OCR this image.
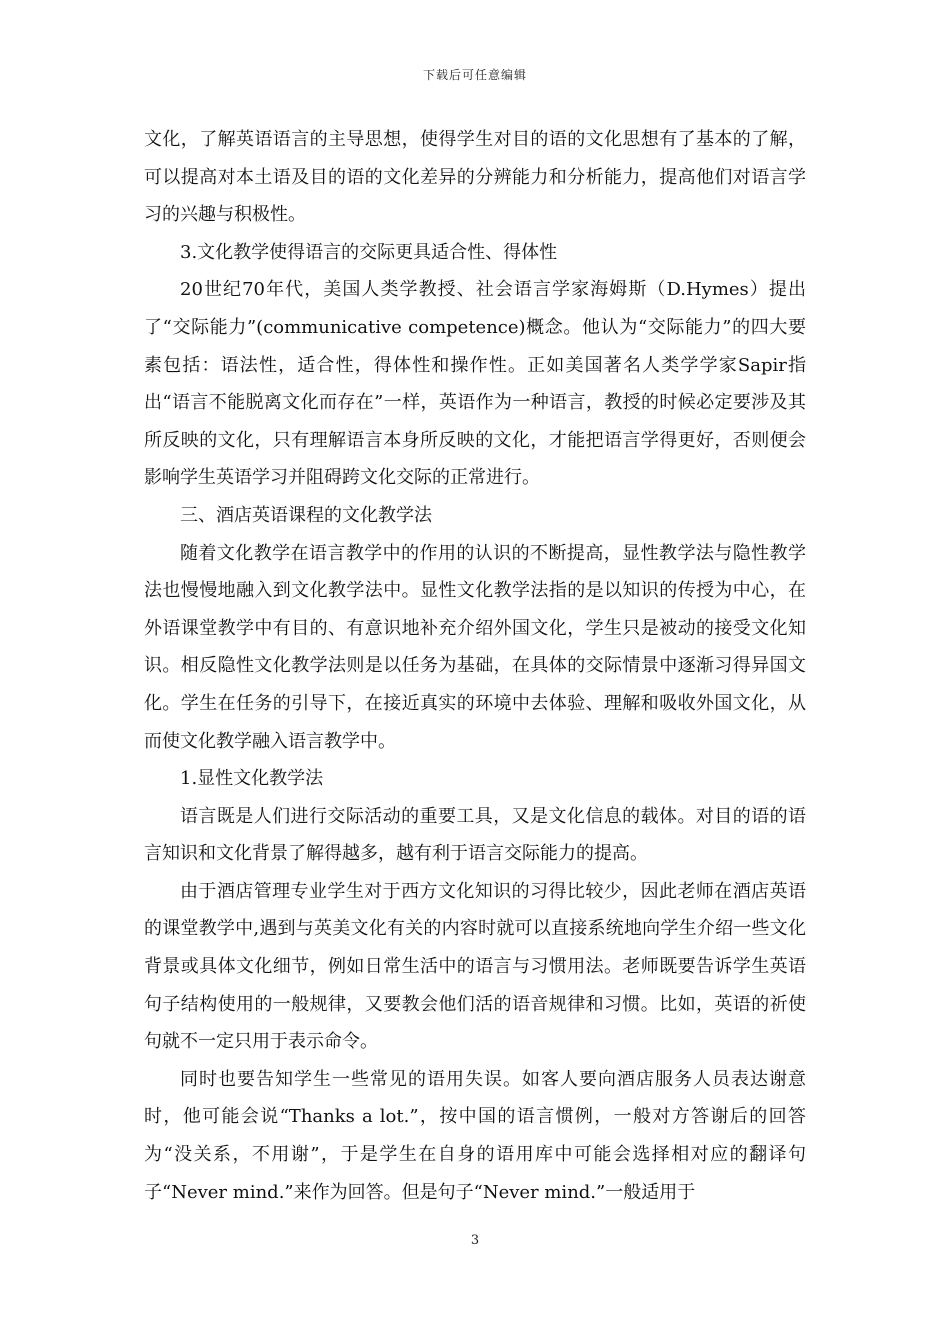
下载后可任意编辑

文化，了解英语语言的主导思想，使得学生对目的语的文化思想有了基本的了解，可以提高对本土语及目的语的文化差异的分辨能力和分析能力，提高他们对语言学习的兴趣与积极性。

3.文化教学使得语言的交际更具适合性、得体性

20世纪70年代，美国人类学教授、社会语言学家海姆斯（D.Hymes）提出了“交际能力”(communicative competence)概念。他认为“交际能力”的四大要素包括：语法性，适合性，得体性和操作性。正如美国著名人类学学家Sapir指出“语言不能脱离文化而存在”一样，英语作为一种语言，教授的时候必定要涉及其所反映的文化，只有理解语言本身所反映的文化，才能把语言学得更好，否则便会影响学生英语学习并阻碍跨文化交际的正常进行。

三、酒店英语课程的文化教学法

随着文化教学在语言教学中的作用的认识的不断提高，显性教学法与隐性教学法也慢慢地融入到文化教学法中。显性文化教学法指的是以知识的传授为中心，在外语课堂教学中有目的、有意识地补充介绍外国文化，学生只是被动的接受文化知识。相反隐性文化教学法则是以任务为基础，在具体的交际情景中逐渐习得异国文化。学生在任务的引导下，在接近真实的环境中去体验、理解和吸收外国文化，从而使文化教学融入语言教学中。

1.显性文化教学法

语言既是人们进行交际活动的重要工具，又是文化信息的载体。对目的语的语言知识和文化背景了解得越多，越有利于语言交际能力的提高。

由于酒店管理专业学生对于西方文化知识的习得比较少，因此老师在酒店英语的课堂教学中,遇到与英美文化有关的内容时就可以直接系统地向学生介绍一些文化背景或具体文化细节，例如日常生活中的语言与习惯用法。老师既要告诉学生英语句子结构使用的一般规律，又要教会他们活的语音规律和习惯。比如，英语的祈使句就不一定只用于表示命令。

同时也要告知学生一些常见的语用失误。如客人要向酒店服务人员表达谢意时，他可能会说“Thanks a lot.”，按中国的语言惯例，一般对方答谢后的回答为“没关系，不用谢”，于是学生在自身的语用库中可能会选择相对应的翻译句子“Never mind.”来作为回答。但是句子“Never mind.”一般适用于

3
